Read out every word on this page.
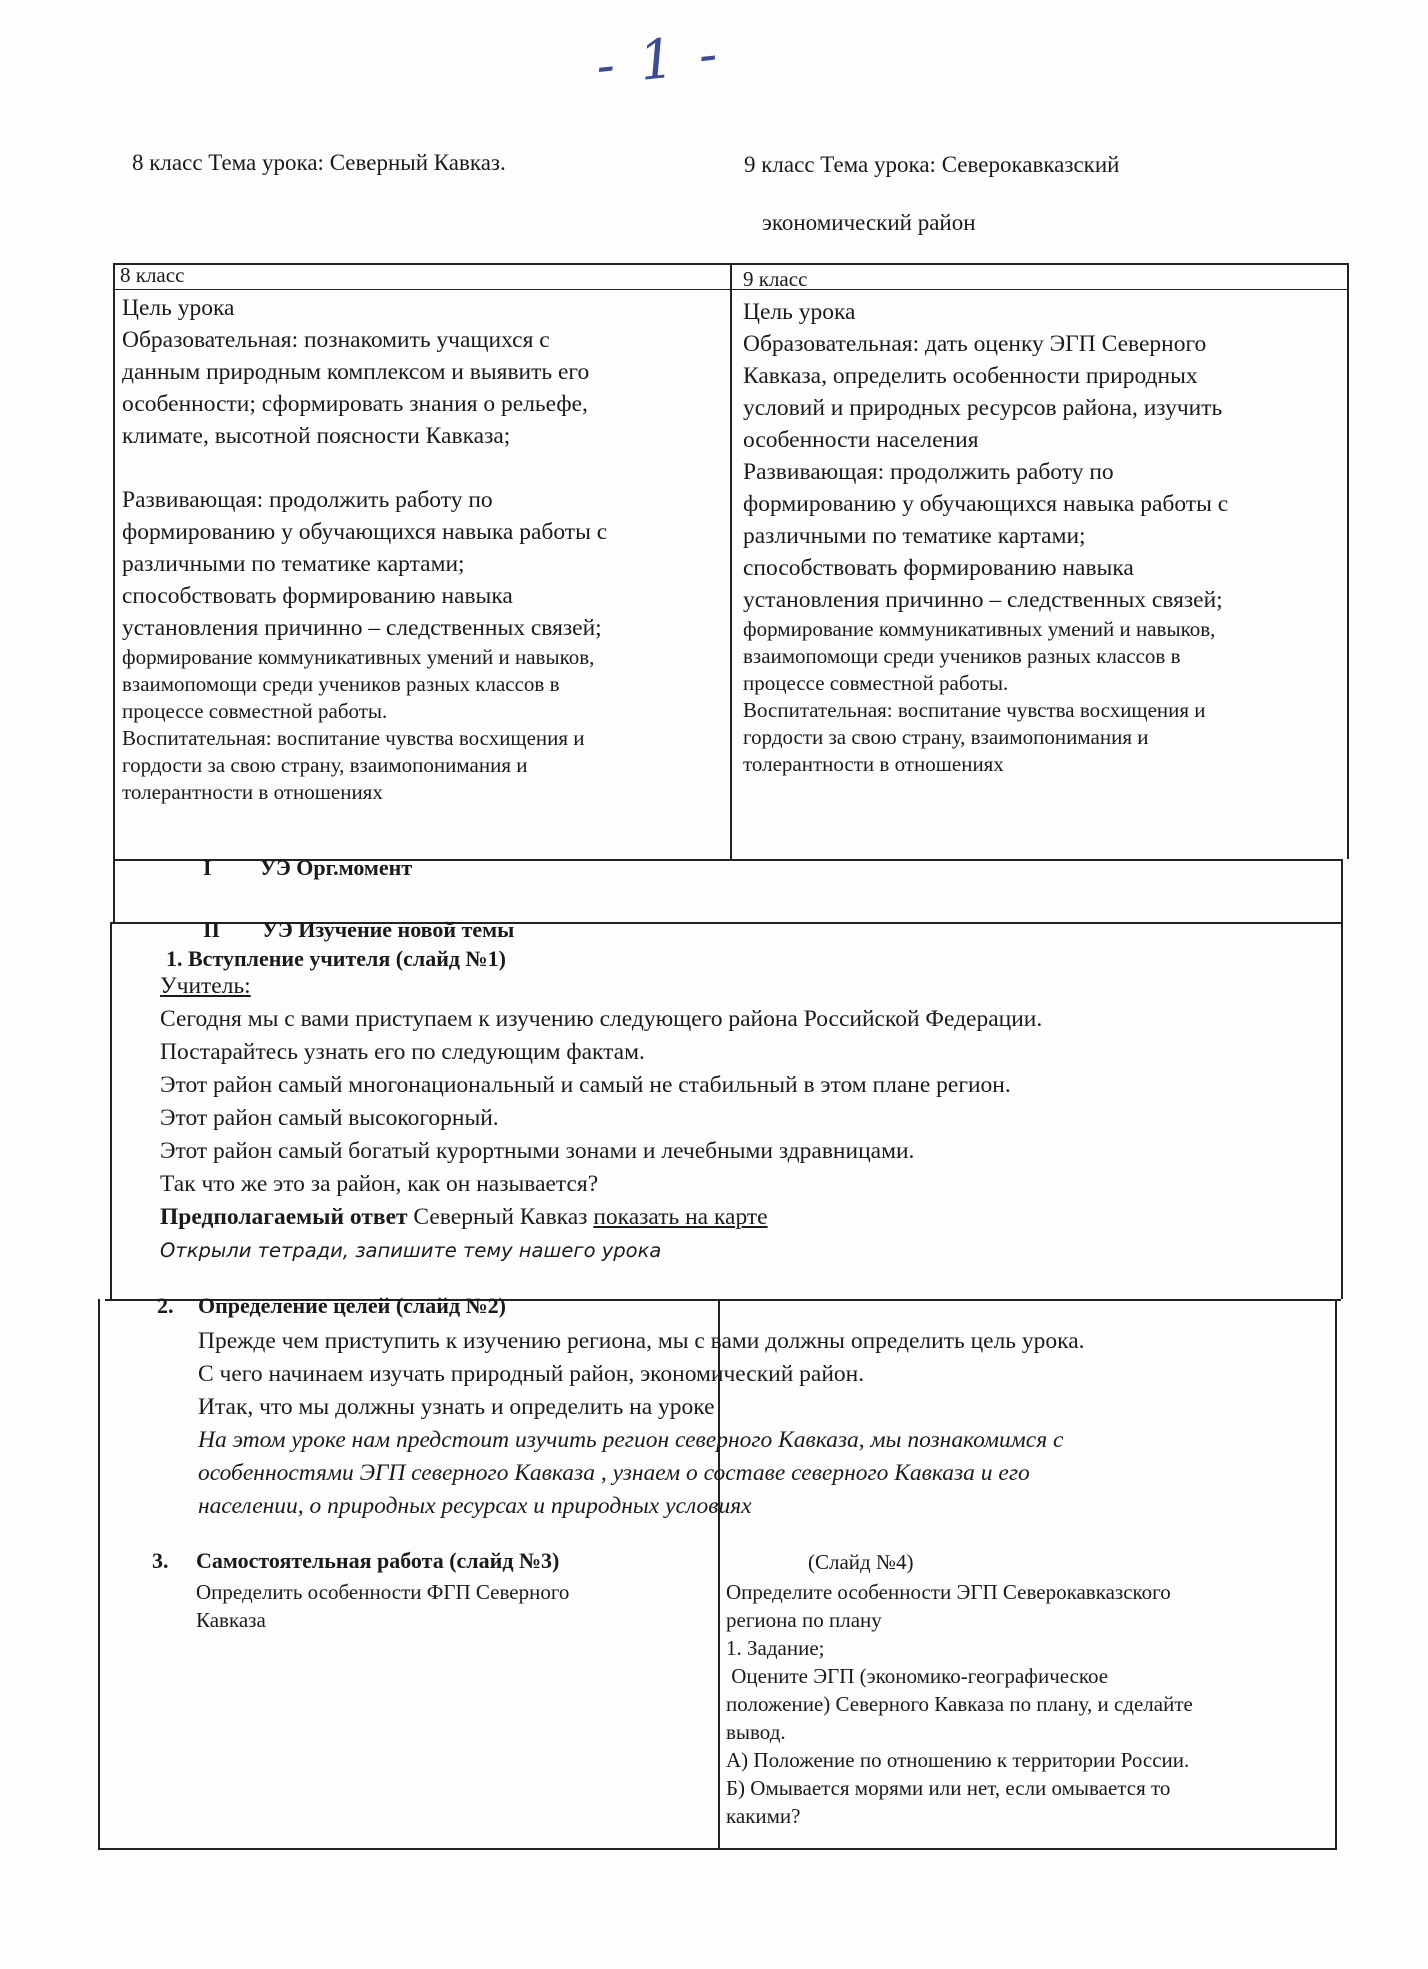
- 1 -
8 класс Тема урока: Северный Кавказ.	9 класс Тема урока: Северокавказский
экономический район
8 класс	9 класс

Цель урока

Образовательная: познакомить учащихся с

данным природным комплексом и выявить его

особенности; сформировать знания о рельефе,

климате, высотной поясности Кавказа;

Развивающая: продолжить работу по

формированию у обучающихся навыка работы с

различными по тематике картами;

способствовать формированию навыка

установления причинно – следственных связей;

формирование коммуникативных умений и навыков,

взаимопомощи среди учеников разных классов в

процессе совместной работы.

Воспитательная: воспитание чувства восхищения и

гордости за свою страну, взаимопонимания и

толерантности в отношениях

Цель урока

Образовательная: дать оценку ЭГП Северного

Кавказа, определить особенности природных

условий и природных ресурсов района, изучить

особенности населения

Развивающая: продолжить работу по

формированию у обучающихся навыка работы с

различными по тематике картами;

способствовать формированию навыка

установления причинно – следственных связей;

формирование коммуникативных умений и навыков,

взаимопомощи среди учеников разных классов в

процессе совместной работы.

Воспитательная: воспитание чувства восхищения и

гордости за свою страну, взаимопонимания и

толерантности в отношениях

I УЭ Орг.момент
II УЭ Изучение новой темы
1. Вступление учителя (слайд №1)

Учитель:

Сегодня мы с вами приступаем к изучению следующего района Российской Федерации.

Постарайтесь узнать его по следующим фактам.

Этот район самый многонациональный и самый не стабильный в этом плане регион.

Этот район самый высокогорный.

Этот район самый богатый курортными зонами и лечебными здравницами.

Так что же это за район, как он называется?

Предполагаемый ответ Северный Кавказ показать на карте

Открыли тетради, запишите тему нашего урока

2. Определение целей (слайд №2)

Прежде чем приступить к изучению региона, мы с вами должны определить цель урока.

С чего начинаем изучать природный район, экономический район.

Итак, что мы должны узнать и определить на уроке

На этом уроке нам предстоит изучить регион северного Кавказа, мы познакомимся с

особенностями ЭГП северного Кавказа , узнаем о составе северного Кавказа и его

населении, о природных ресурсах и природных условиях

3. Самостоятельная работа (слайд №3)

Определить особенности ФГП Северного

Кавказа

(Слайд №4)

Определите особенности ЭГП Северокавказского

региона по плану

1. Задание;

Оцените ЭГП (экономико-географическое

положение) Северного Кавказа по плану, и сделайте

вывод.

А) Положение по отношению к территории России.

Б) Омывается морями или нет, если омывается то

какими?
